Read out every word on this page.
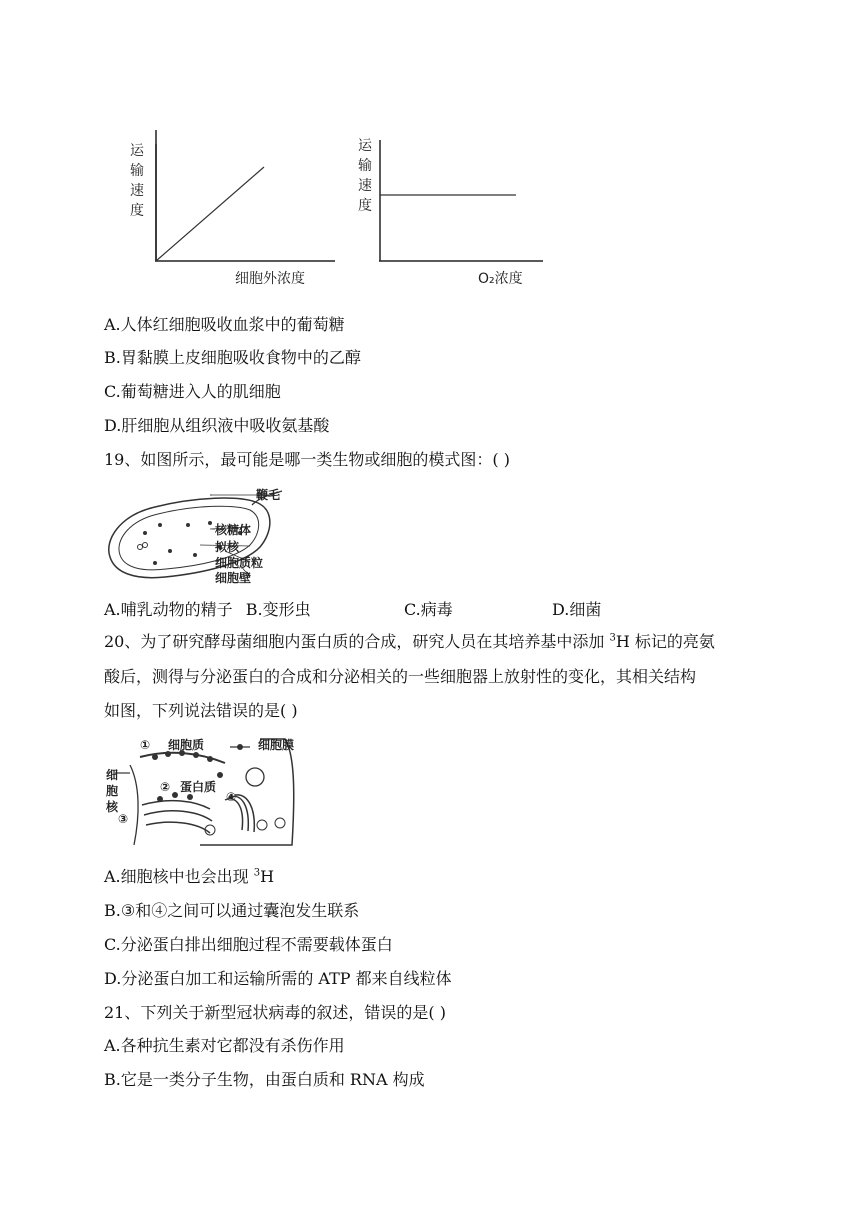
运
输
速
度
细胞外浓度
运
输
速
度
O₂浓度
A.人体红细胞吸收血浆中的葡萄糖
B.胃黏膜上皮细胞吸收食物中的乙醇
C.葡萄糖进入人的肌细胞
D.肝细胞从组织液中吸收氨基酸
19、如图所示，最可能是哪一类生物或细胞的模式图：( )
鞭毛
核糖体
拟核
细胞质粒
细胞壁
A.哺乳动物的精子 B.变形虫	C.病毒	D.细菌
20、为了研究酵母菌细胞内蛋白质的合成，研究人员在其培养基中添加 $^3$H 标记的亮氨
酸后，测得与分泌蛋白的合成和分泌相关的一些细胞器上放射性的变化，其相关结构
如图，下列说法错误的是( )
① 细胞质	细胞膜
细
胞
核
② 蛋白质
③
④
A.细胞核中也会出现 $^3$H
B.③和④之间可以通过囊泡发生联系
C.分泌蛋白排出细胞过程不需要载体蛋白
D.分泌蛋白加工和运输所需的 ATP 都来自线粒体
21、下列关于新型冠状病毒的叙述，错误的是( )
A.各种抗生素对它都没有杀伤作用
B.它是一类分子生物，由蛋白质和 RNA 构成
